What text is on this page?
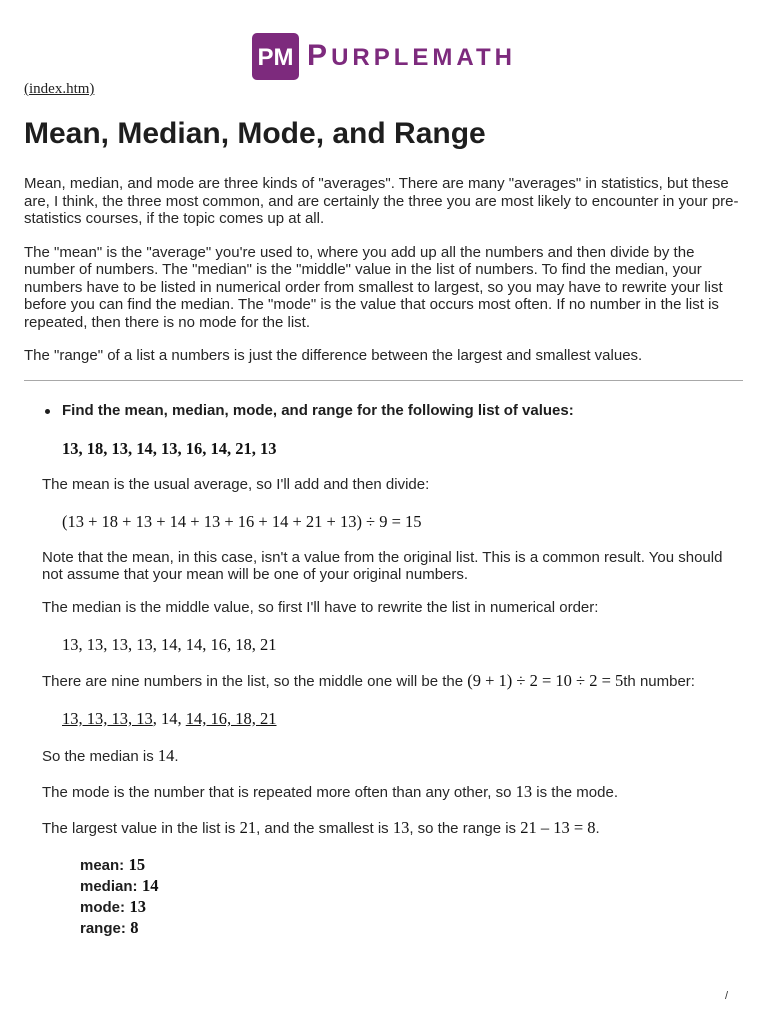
PM PURPLEMATH
(index.htm)
Mean, Median, Mode, and Range

Mean, median, and mode are three kinds of "averages". There are many "averages" in statistics, but these are, I think, the three most common, and are certainly the three you are most likely to encounter in your pre-statistics courses, if the topic comes up at all.

The "mean" is the "average" you're used to, where you add up all the numbers and then divide by the number of numbers. The "median" is the "middle" value in the list of numbers. To find the median, your numbers have to be listed in numerical order from smallest to largest, so you may have to rewrite your list before you can find the median. The "mode" is the value that occurs most often. If no number in the list is repeated, then there is no mode for the list.

The "range" of a list a numbers is just the difference between the largest and smallest values.

Find the mean, median, mode, and range for the following list of values:
13, 18, 13, 14, 13, 16, 14, 21, 13

The mean is the usual average, so I'll add and then divide:

(13 + 18 + 13 + 14 + 13 + 16 + 14 + 21 + 13) ÷ 9 = 15

Note that the mean, in this case, isn't a value from the original list. This is a common result. You should not assume that your mean will be one of your original numbers.

The median is the middle value, so first I'll have to rewrite the list in numerical order:

13, 13, 13, 13, 14, 14, 16, 18, 21

There are nine numbers in the list, so the middle one will be the (9 + 1) ÷ 2 = 10 ÷ 2 = 5th number:

13, 13, 13, 13, 14, 14, 16, 18, 21

So the median is 14.

The mode is the number that is repeated more often than any other, so 13 is the mode.

The largest value in the list is 21, and the smallest is 13, so the range is 21 – 13 = 8.

mean: 15
median: 14
mode: 13
range: 8
/
